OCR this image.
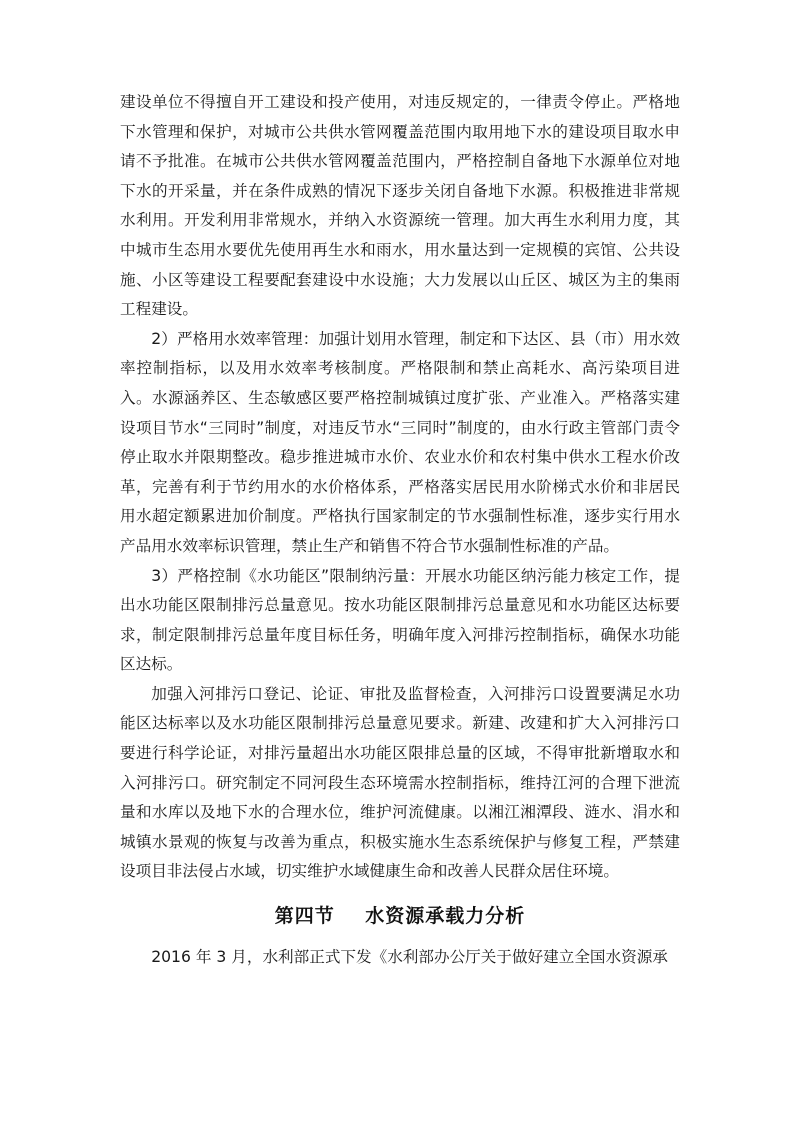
建设单位不得擅自开工建设和投产使用，对违反规定的，一律责令停止。严格地下水管理和保护，对城市公共供水管网覆盖范围内取用地下水的建设项目取水申请不予批准。在城市公共供水管网覆盖范围内，严格控制自备地下水源单位对地下水的开采量，并在条件成熟的情况下逐步关闭自备地下水源。积极推进非常规水利用。开发利用非常规水，并纳入水资源统一管理。加大再生水利用力度，其中城市生态用水要优先使用再生水和雨水，用水量达到一定规模的宾馆、公共设施、小区等建设工程要配套建设中水设施；大力发展以山丘区、城区为主的集雨工程建设。

2）严格用水效率管理：加强计划用水管理，制定和下达区、县（市）用水效率控制指标，以及用水效率考核制度。严格限制和禁止高耗水、高污染项目进入。水源涵养区、生态敏感区要严格控制城镇过度扩张、产业准入。严格落实建设项目节水“三同时”制度，对违反节水“三同时”制度的，由水行政主管部门责令停止取水并限期整改。稳步推进城市水价、农业水价和农村集中供水工程水价改革，完善有利于节约用水的水价格体系，严格落实居民用水阶梯式水价和非居民用水超定额累进加价制度。严格执行国家制定的节水强制性标准，逐步实行用水产品用水效率标识管理，禁止生产和销售不符合节水强制性标准的产品。

3）严格控制《水功能区”限制纳污量：开展水功能区纳污能力核定工作，提出水功能区限制排污总量意见。按水功能区限制排污总量意见和水功能区达标要求，制定限制排污总量年度目标任务，明确年度入河排污控制指标，确保水功能区达标。

加强入河排污口登记、论证、审批及监督检查，入河排污口设置要满足水功能区达标率以及水功能区限制排污总量意见要求。新建、改建和扩大入河排污口要进行科学论证，对排污量超出水功能区限排总量的区域，不得审批新增取水和入河排污口。研究制定不同河段生态环境需水控制指标，维持江河的合理下泄流量和水库以及地下水的合理水位，维护河流健康。以湘江湘潭段、涟水、涓水和城镇水景观的恢复与改善为重点，积极实施水生态系统保护与修复工程，严禁建设项目非法侵占水域，切实维护水域健康生命和改善人民群众居住环境。

第四节 水资源承载力分析

2016 年 3 月，水利部正式下发《水利部办公厅关于做好建立全国水资源承
